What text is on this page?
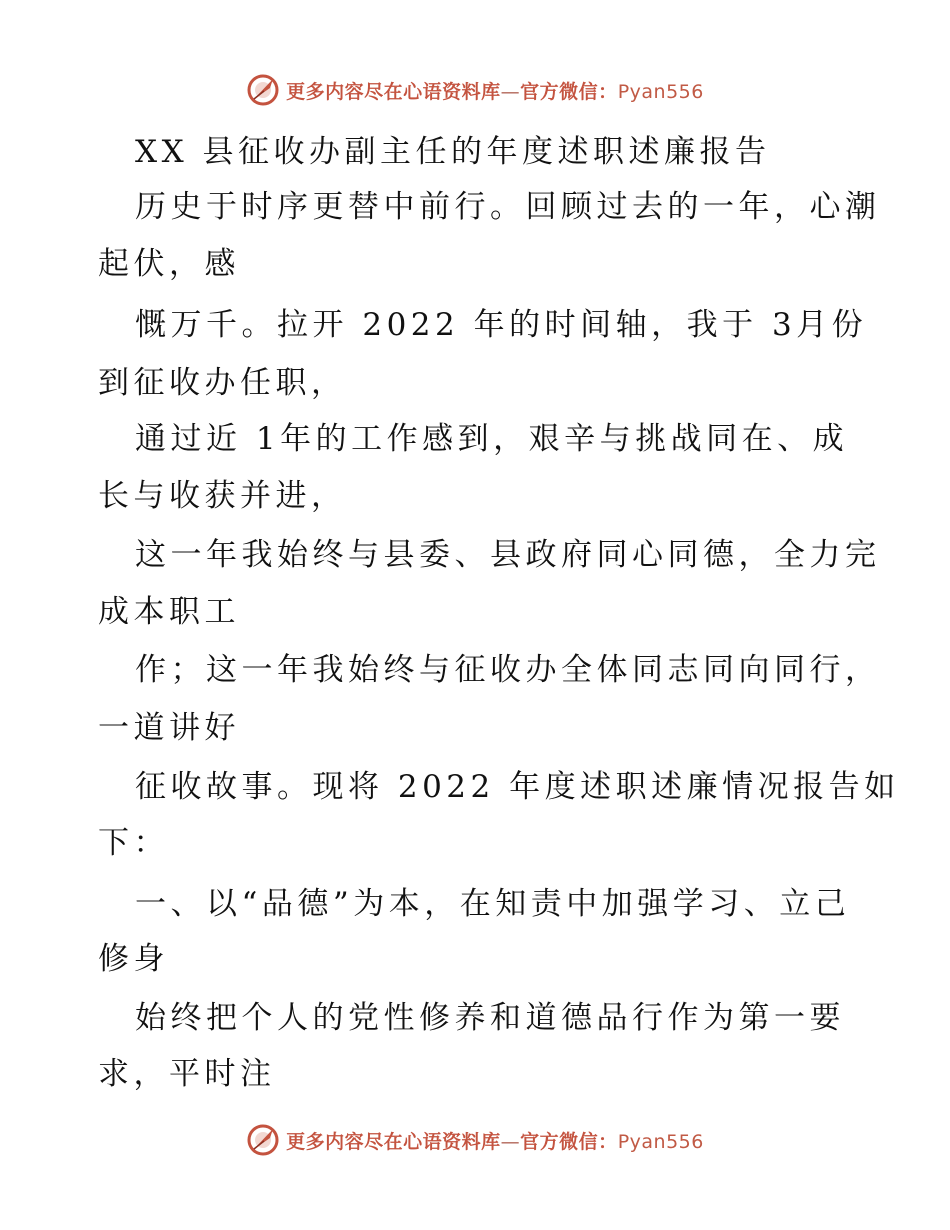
更多内容尽在心语资料库—官方微信：Pyan556
XX 县征收办副主任的年度述职述廉报告
历史于时序更替中前行。回顾过去的一年，心潮
起伏，感
慨万千。拉开 2022 年的时间轴，我于 3月份
到征收办任职，
通过近 1年的工作感到，艰辛与挑战同在、成
长与收获并进，
这一年我始终与县委、县政府同心同德，全力完
成本职工
作；这一年我始终与征收办全体同志同向同行，
一道讲好
征收故事。现将 2022 年度述职述廉情况报告如
下：
一、以“品德”为本，在知责中加强学习、立己
修身
始终把个人的党性修养和道德品行作为第一要
求，平时注
更多内容尽在心语资料库—官方微信：Pyan556
